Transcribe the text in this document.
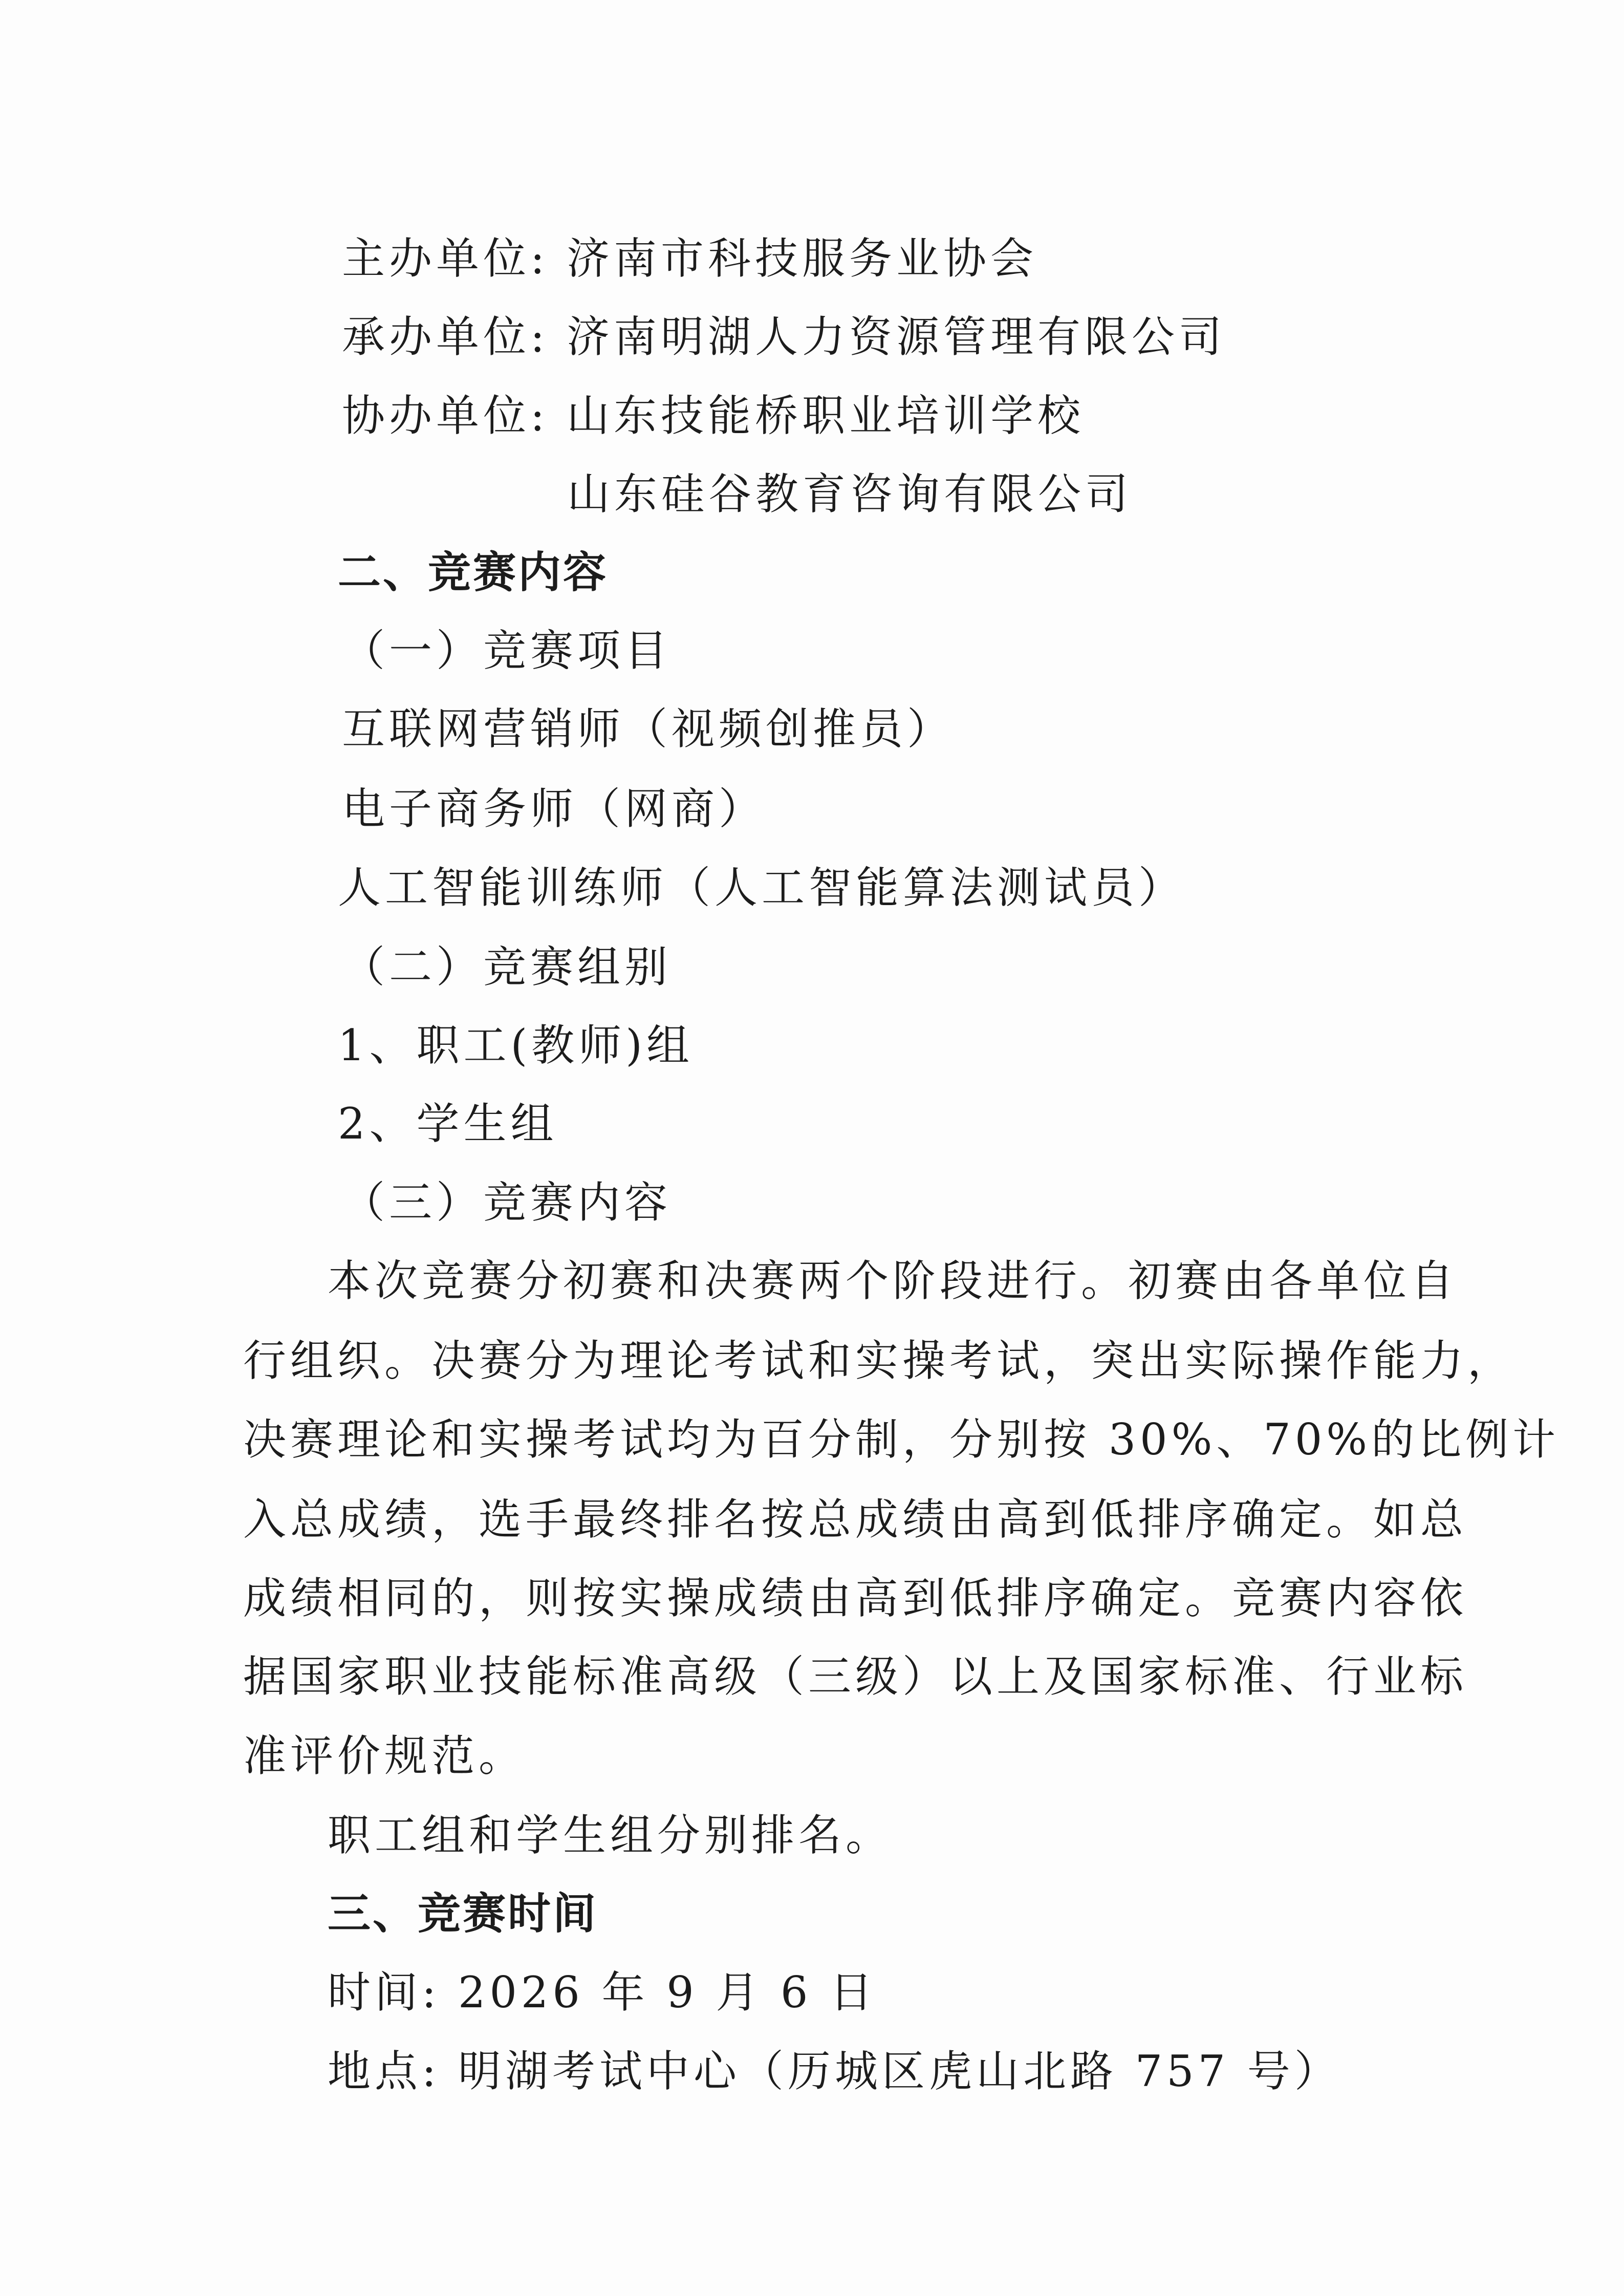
主办单位: 济南市科技服务业协会
承办单位: 济南明湖人力资源管理有限公司
协办单位: 山东技能桥职业培训学校
山东硅谷教育咨询有限公司
二、竞赛内容
（一）竞赛项目
互联网营销师（视频创推员）
电子商务师（网商）
人工智能训练师（人工智能算法测试员）
（二）竞赛组别
1、职工(教师)组
2、学生组
（三）竞赛内容
本次竞赛分初赛和决赛两个阶段进行。初赛由各单位自
行组织。决赛分为理论考试和实操考试，突出实际操作能力，
决赛理论和实操考试均为百分制，分别按 30%、70%的比例计
入总成绩，选手最终排名按总成绩由高到低排序确定。如总
成绩相同的，则按实操成绩由高到低排序确定。竞赛内容依
据国家职业技能标准高级（三级）以上及国家标准、行业标
准评价规范。
职工组和学生组分别排名。
三、竞赛时间
时间: 2026 年 9 月 6 日
地点: 明湖考试中心（历城区虎山北路 757 号）
